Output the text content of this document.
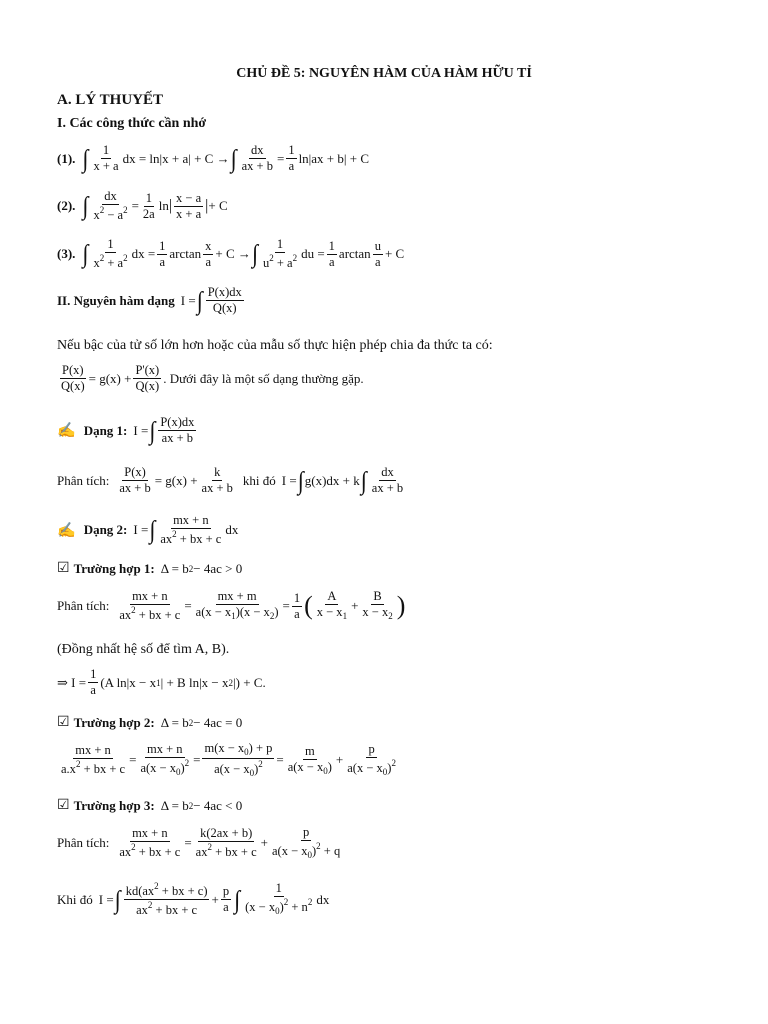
CHỦ ĐỀ 5: NGUYÊN HÀM CỦA HÀM HỮU TỈ
A. LÝ THUYẾT
I. Các công thức cần nhớ
(1). ∫ $\frac{1}{x + a}$ dx = ln|x + a| + C → ∫ $\frac{dx}{ax + b} = \frac{1}{a} \ln|ax + b| + C$
(2). ∫ $\frac{dx}{x^2 - a^2} = \frac{1}{2a}$ ln | $\frac{x - a}{x + a}$ | + C
(3). ∫ $\frac{1}{x^2 + a^2}$ dx = $\frac{1}{a}$ $\arctan \frac{x}{a} + C$ → ∫ $\frac{1}{u^2 + a^2}$ du = $\frac{1}{a}$ $\arctan \frac{u}{a} + C$
II. Nguyên hàm dạng I = ∫ $\frac{P(x)dx}{Q(x)}$
Nếu bậc của tử số lớn hơn hoặc của mẫu số thực hiện phép chia đa thức ta có:
$\frac{P(x)}{Q(x)} = g(x) + \frac{P'(x)}{Q(x)}$ . Dưới đây là một số dạng thường gặp.
✍ Dạng 1: I = ∫ $\frac{P(x)dx}{ax + b}$
Phân tích: $\frac{P(x)}{ax + b} = g(x) + \frac{k}{ax + b}$ khi đó I = ∫ g(x)dx + k ∫ $\frac{dx}{ax + b}$
✍ Dạng 2: I = ∫ $\frac{mx + n}{ax^2 + bx + c}$ dx
☑ Trường hợp 1: Δ = b 2 − 4ac > 0
Phân tích: $\frac{mx + n}{ax^2 + bx + c} = \frac{mx + m}{a(x - x_1)(x - x_2)} = \frac{1}{a}$ ( $\frac{A}{x - x_1} + \frac{B}{x - x_2}$ )
(Đồng nhất hệ số để tìm A, B).
⇒ $I = \frac{1}{a} (A$ ln|x − x 1 | + B ln|x − x 2 |) + C.
☑ Trường hợp 2: Δ = b 2 − 4ac = 0
$\frac{mx + n}{a.x^2 + bx + c} = \frac{mx + n}{a(x - x_0)^2} = \frac{m(x - x_0) + p}{a(x - x_0)^2} = \frac{m}{a(x - x_0)} + \frac{p}{a(x - x_0)^2}$
☑ Trường hợp 3: Δ = b 2 − 4ac < 0
Phân tích: $\frac{mx + n}{ax^2 + bx + c} = \frac{k(2ax + b)}{ax^2 + bx + c} + \frac{p}{a(x - x_0)^2 + q}$
Khi đó I = ∫ $\frac{kd(ax^2 + bx + c)}{ax^2 + bx + c} + \frac{p}{a}$ ∫ $\frac{1}{(x - x_0)^2 + n^2}$ dx
